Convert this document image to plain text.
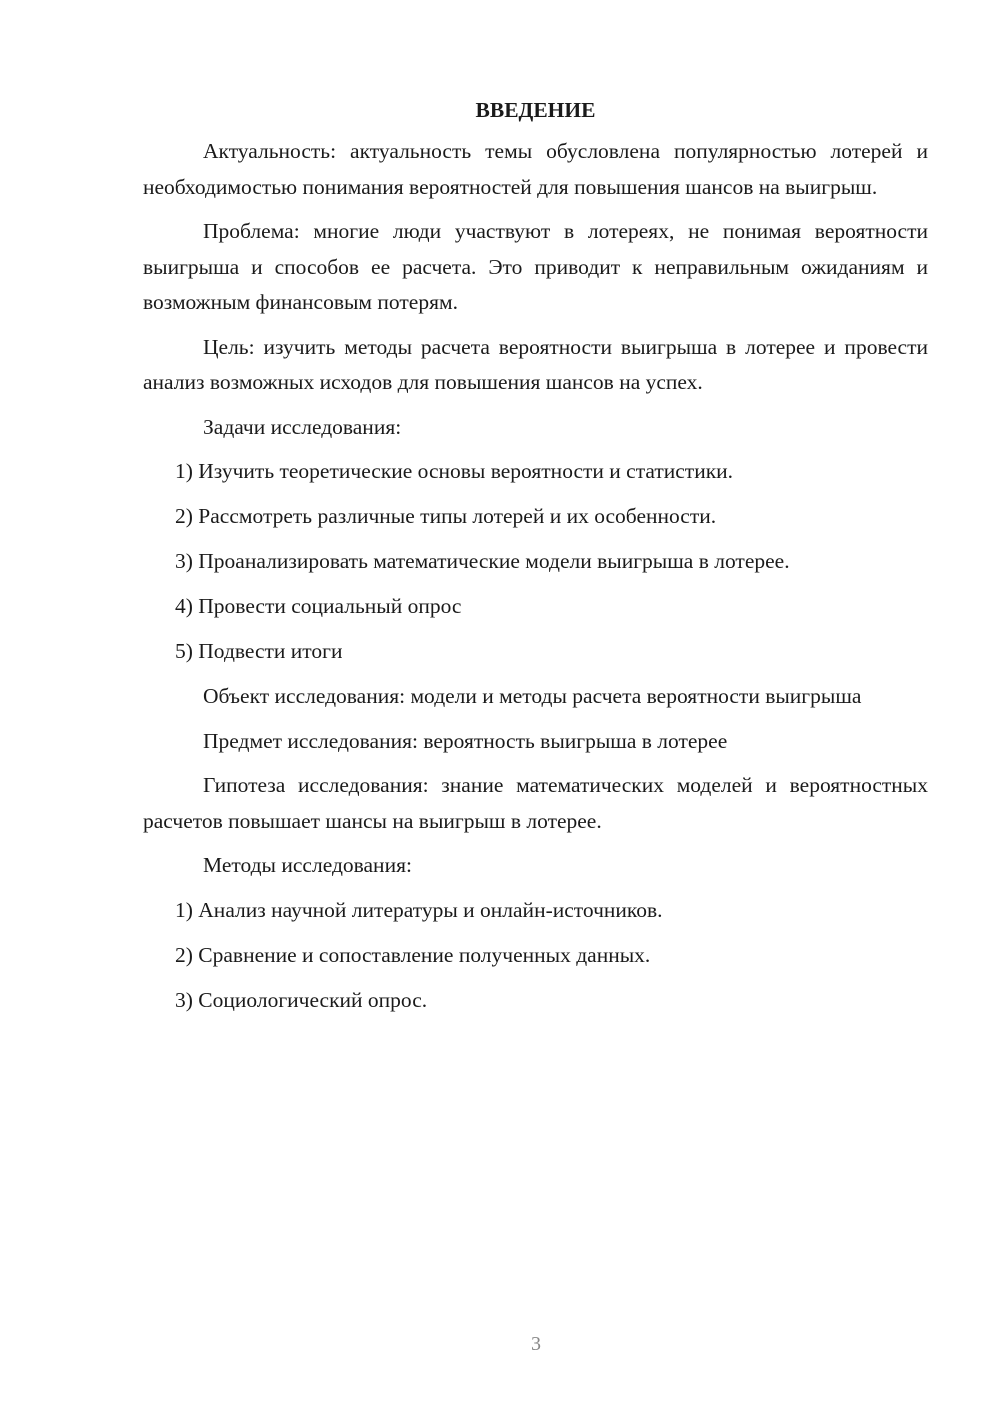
ВВЕДЕНИЕ

Актуальность: актуальность темы обусловлена популярностью лотерей и необходимостью понимания вероятностей для повышения шансов на выигрыш.

Проблема: многие люди участвуют в лотереях, не понимая вероятности выигрыша и способов ее расчета. Это приводит к неправильным ожиданиям и возможным финансовым потерям.

Цель: изучить методы расчета вероятности выигрыша в лотерее и провести анализ возможных исходов для повышения шансов на успех.

Задачи исследования:

1) Изучить теоретические основы вероятности и статистики.
2) Рассмотреть различные типы лотерей и их особенности.
3) Проанализировать математические модели выигрыша в лотерее.
4) Провести социальный опрос
5) Подвести итоги

Объект исследования: модели и методы расчета вероятности выигрыша

Предмет исследования: вероятность выигрыша в лотерее

Гипотеза исследования: знание математических моделей и вероятностных расчетов повышает шансы на выигрыш в лотерее.

Методы исследования:

1) Анализ научной литературы и онлайн-источников.
2) Сравнение и сопоставление полученных данных.
3) Социологический опрос.
3
